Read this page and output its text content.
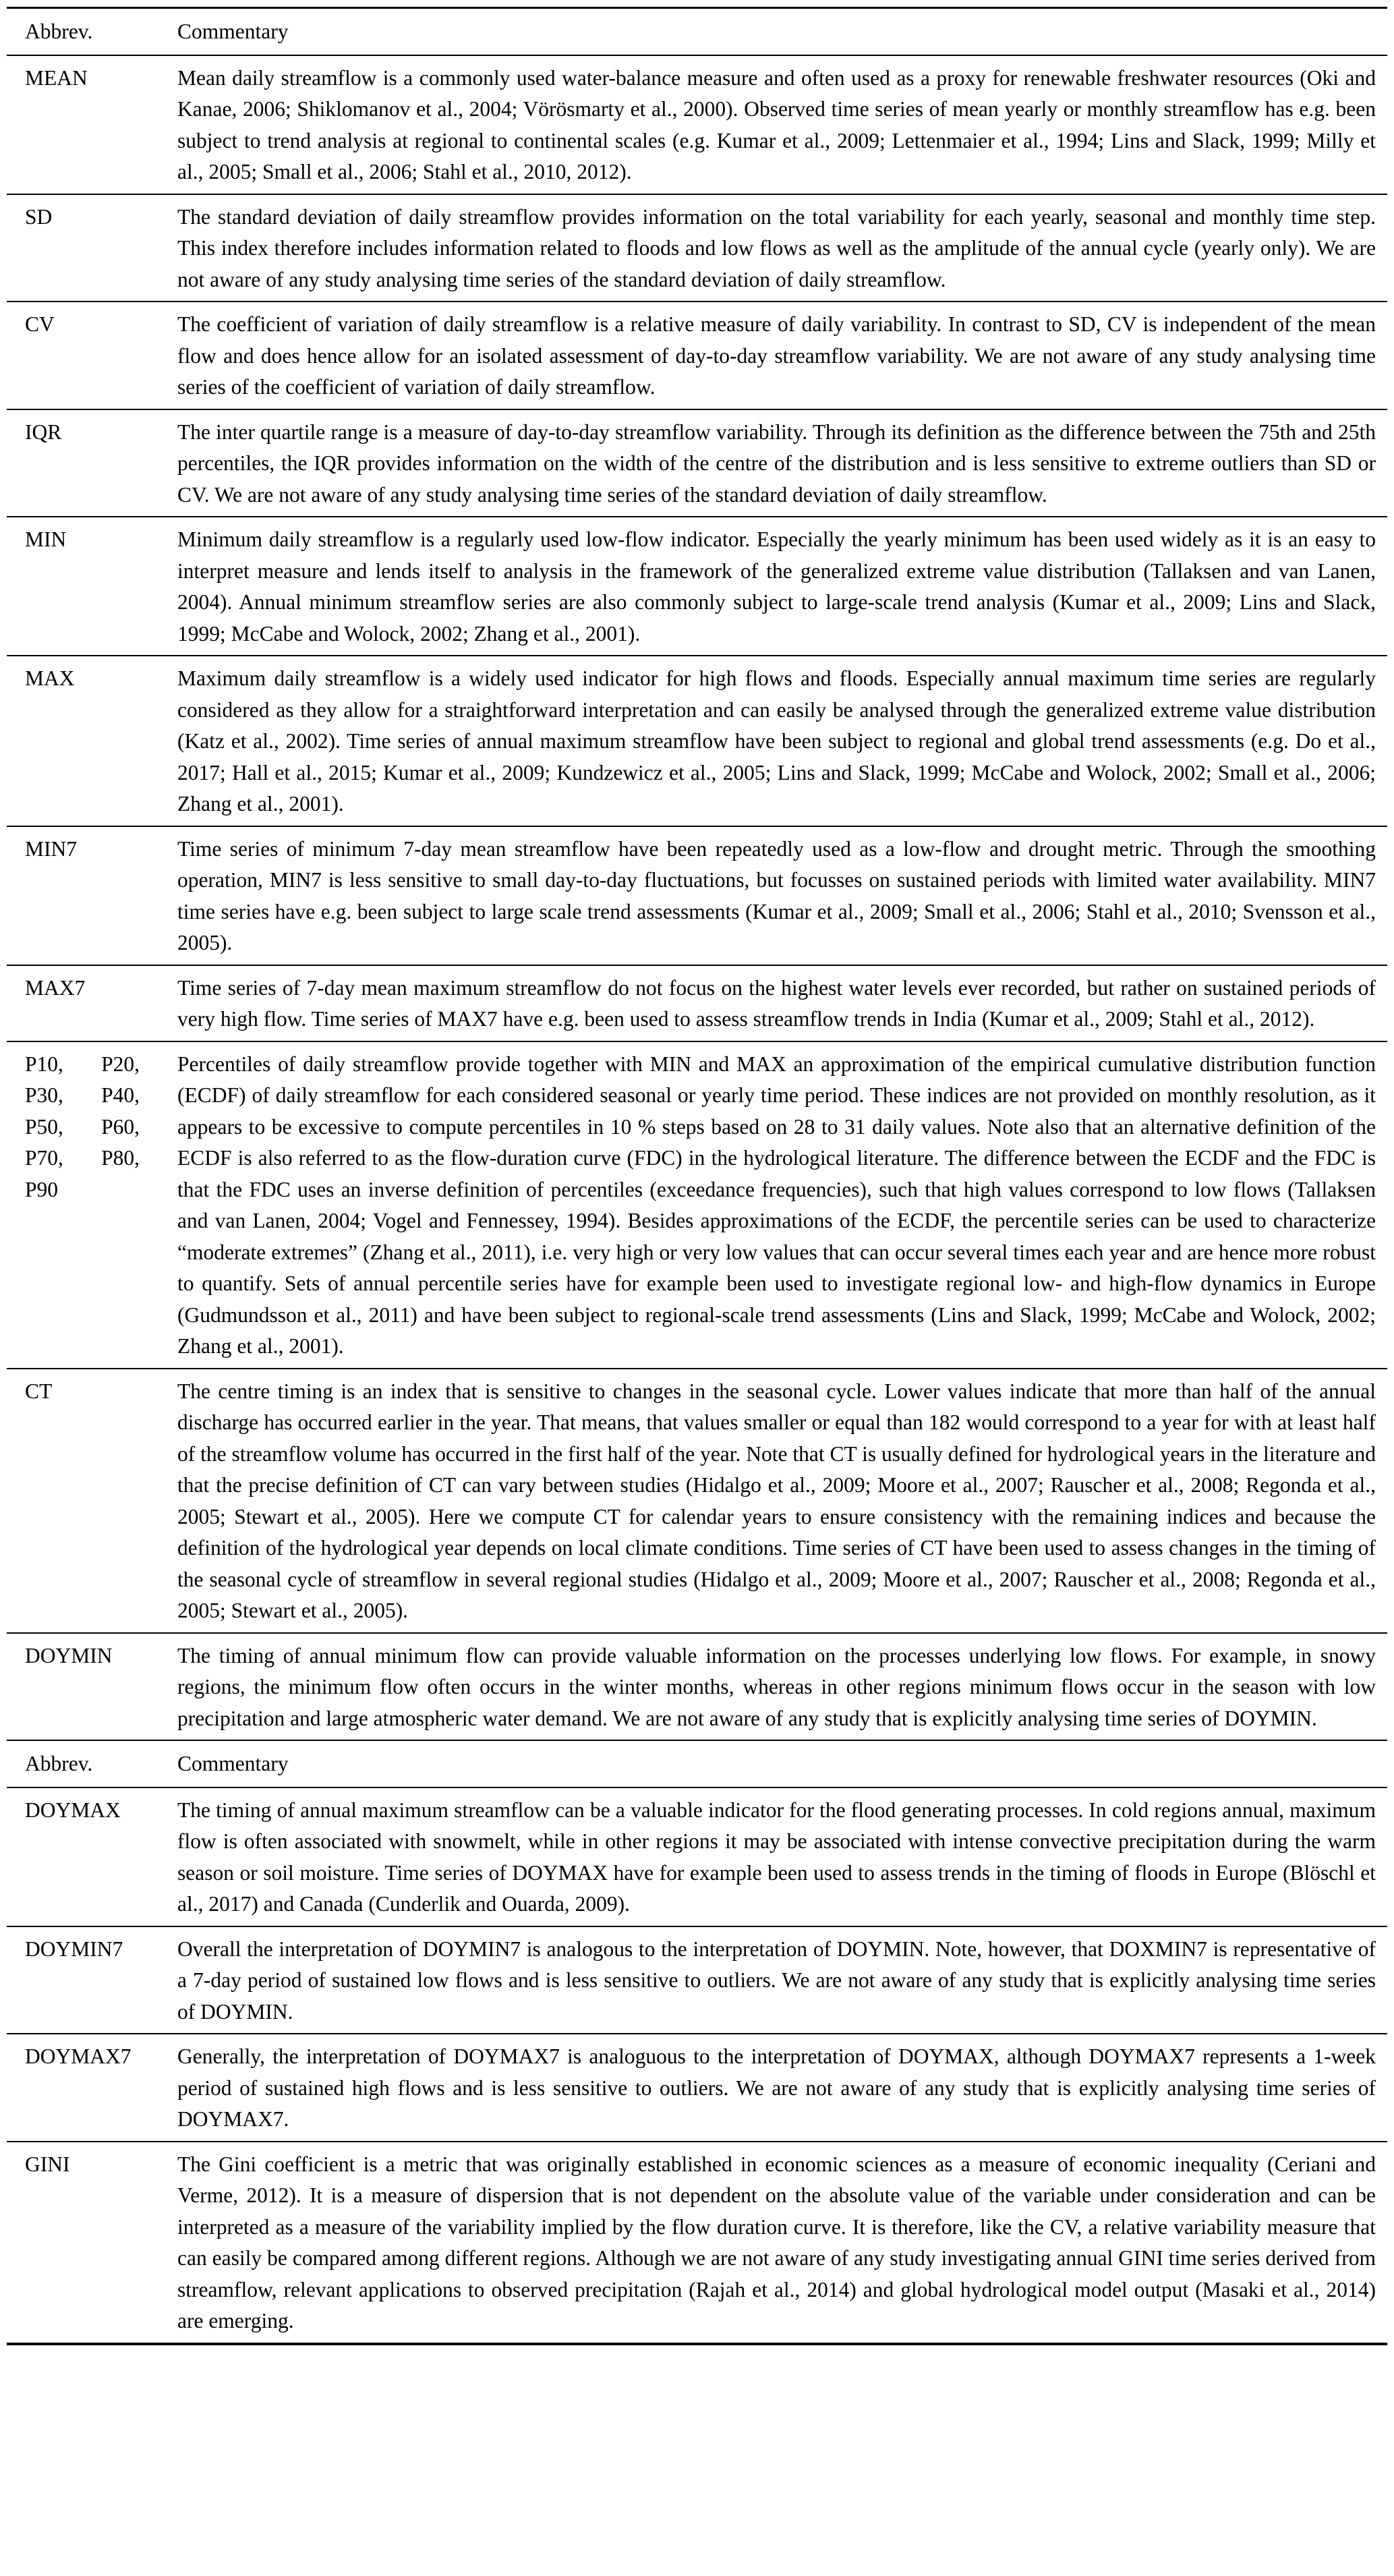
Abbrev.	Commentary
MEAN	Mean daily streamflow is a commonly used water-balance measure and often used as a proxy for renewable freshwater resources (Oki and Kanae, 2006; Shiklomanov et al., 2004; Vörösmarty et al., 2000). Observed time series of mean yearly or monthly streamflow has e.g. been subject to trend analysis at regional to continental scales (e.g. Kumar et al., 2009; Lettenmaier et al., 1994; Lins and Slack, 1999; Milly et al., 2005; Small et al., 2006; Stahl et al., 2010, 2012).
SD	The standard deviation of daily streamflow provides information on the total variability for each yearly, seasonal and monthly time step. This index therefore includes information related to floods and low flows as well as the amplitude of the annual cycle (yearly only). We are not aware of any study analysing time series of the standard deviation of daily streamflow.
CV	The coefficient of variation of daily streamflow is a relative measure of daily variability. In contrast to SD, CV is independent of the mean flow and does hence allow for an isolated assessment of day-to-day streamflow variability. We are not aware of any study analysing time series of the coefficient of variation of daily streamflow.
IQR	The inter quartile range is a measure of day-to-day streamflow variability. Through its definition as the difference between the 75th and 25th percentiles, the IQR provides information on the width of the centre of the distribution and is less sensitive to extreme outliers than SD or CV. We are not aware of any study analysing time series of the standard deviation of daily streamflow.
MIN	Minimum daily streamflow is a regularly used low-flow indicator. Especially the yearly minimum has been used widely as it is an easy to interpret measure and lends itself to analysis in the framework of the generalized extreme value distribution (Tallaksen and van Lanen, 2004). Annual minimum streamflow series are also commonly subject to large-scale trend analysis (Kumar et al., 2009; Lins and Slack, 1999; McCabe and Wolock, 2002; Zhang et al., 2001).
MAX	Maximum daily streamflow is a widely used indicator for high flows and floods. Especially annual maximum time series are regularly considered as they allow for a straightforward interpretation and can easily be analysed through the generalized extreme value distribution (Katz et al., 2002). Time series of annual maximum streamflow have been subject to regional and global trend assessments (e.g. Do et al., 2017; Hall et al., 2015; Kumar et al., 2009; Kundzewicz et al., 2005; Lins and Slack, 1999; McCabe and Wolock, 2002; Small et al., 2006; Zhang et al., 2001).
MIN7	Time series of minimum 7-day mean streamflow have been repeatedly used as a low-flow and drought metric. Through the smoothing operation, MIN7 is less sensitive to small day-to-day fluctuations, but focusses on sustained periods with limited water availability. MIN7 time series have e.g. been subject to large scale trend assessments (Kumar et al., 2009; Small et al., 2006; Stahl et al., 2010; Svensson et al., 2005).
MAX7	Time series of 7-day mean maximum streamflow do not focus on the highest water levels ever recorded, but rather on sustained periods of very high flow. Time series of MAX7 have e.g. been used to assess streamflow trends in India (Kumar et al., 2009; Stahl et al., 2012).
P10, P20, P30, P40, P50, P60, P70, P80, P90	Percentiles of daily streamflow provide together with MIN and MAX an approximation of the empirical cumulative distribution function (ECDF) of daily streamflow for each considered seasonal or yearly time period. These indices are not provided on monthly resolution, as it appears to be excessive to compute percentiles in 10 % steps based on 28 to 31 daily values. Note also that an alternative definition of the ECDF is also referred to as the flow-duration curve (FDC) in the hydrological literature. The difference between the ECDF and the FDC is that the FDC uses an inverse definition of percentiles (exceedance frequencies), such that high values correspond to low flows (Tallaksen and van Lanen, 2004; Vogel and Fennessey, 1994). Besides approximations of the ECDF, the percentile series can be used to characterize “moderate extremes” (Zhang et al., 2011), i.e. very high or very low values that can occur several times each year and are hence more robust to quantify. Sets of annual percentile series have for example been used to investigate regional low- and high-flow dynamics in Europe (Gudmundsson et al., 2011) and have been subject to regional-scale trend assessments (Lins and Slack, 1999; McCabe and Wolock, 2002; Zhang et al., 2001).
CT	The centre timing is an index that is sensitive to changes in the seasonal cycle. Lower values indicate that more than half of the annual discharge has occurred earlier in the year. That means, that values smaller or equal than 182 would correspond to a year for with at least half of the streamflow volume has occurred in the first half of the year. Note that CT is usually defined for hydrological years in the literature and that the precise definition of CT can vary between studies (Hidalgo et al., 2009; Moore et al., 2007; Rauscher et al., 2008; Regonda et al., 2005; Stewart et al., 2005). Here we compute CT for calendar years to ensure consistency with the remaining indices and because the definition of the hydrological year depends on local climate conditions. Time series of CT have been used to assess changes in the timing of the seasonal cycle of streamflow in several regional studies (Hidalgo et al., 2009; Moore et al., 2007; Rauscher et al., 2008; Regonda et al., 2005; Stewart et al., 2005).
DOYMIN	The timing of annual minimum flow can provide valuable information on the processes underlying low flows. For example, in snowy regions, the minimum flow often occurs in the winter months, whereas in other regions minimum flows occur in the season with low precipitation and large atmospheric water demand. We are not aware of any study that is explicitly analysing time series of DOYMIN.
Abbrev.	Commentary
DOYMAX	The timing of annual maximum streamflow can be a valuable indicator for the flood generating processes. In cold regions annual, maximum flow is often associated with snowmelt, while in other regions it may be associated with intense convective precipitation during the warm season or soil moisture. Time series of DOYMAX have for example been used to assess trends in the timing of floods in Europe (Blöschl et al., 2017) and Canada (Cunderlik and Ouarda, 2009).
DOYMIN7	Overall the interpretation of DOYMIN7 is analogous to the interpretation of DOYMIN. Note, however, that DOXMIN7 is representative of a 7-day period of sustained low flows and is less sensitive to outliers. We are not aware of any study that is explicitly analysing time series of DOYMIN.
DOYMAX7	Generally, the interpretation of DOYMAX7 is analoguous to the interpretation of DOYMAX, although DOYMAX7 represents a 1-week period of sustained high flows and is less sensitive to outliers. We are not aware of any study that is explicitly analysing time series of DOYMAX7.
GINI	The Gini coefficient is a metric that was originally established in economic sciences as a measure of economic inequality (Ceriani and Verme, 2012). It is a measure of dispersion that is not dependent on the absolute value of the variable under consideration and can be interpreted as a measure of the variability implied by the flow duration curve. It is therefore, like the CV, a relative variability measure that can easily be compared among different regions. Although we are not aware of any study investigating annual GINI time series derived from streamflow, relevant applications to observed precipitation (Rajah et al., 2014) and global hydrological model output (Masaki et al., 2014) are emerging.
